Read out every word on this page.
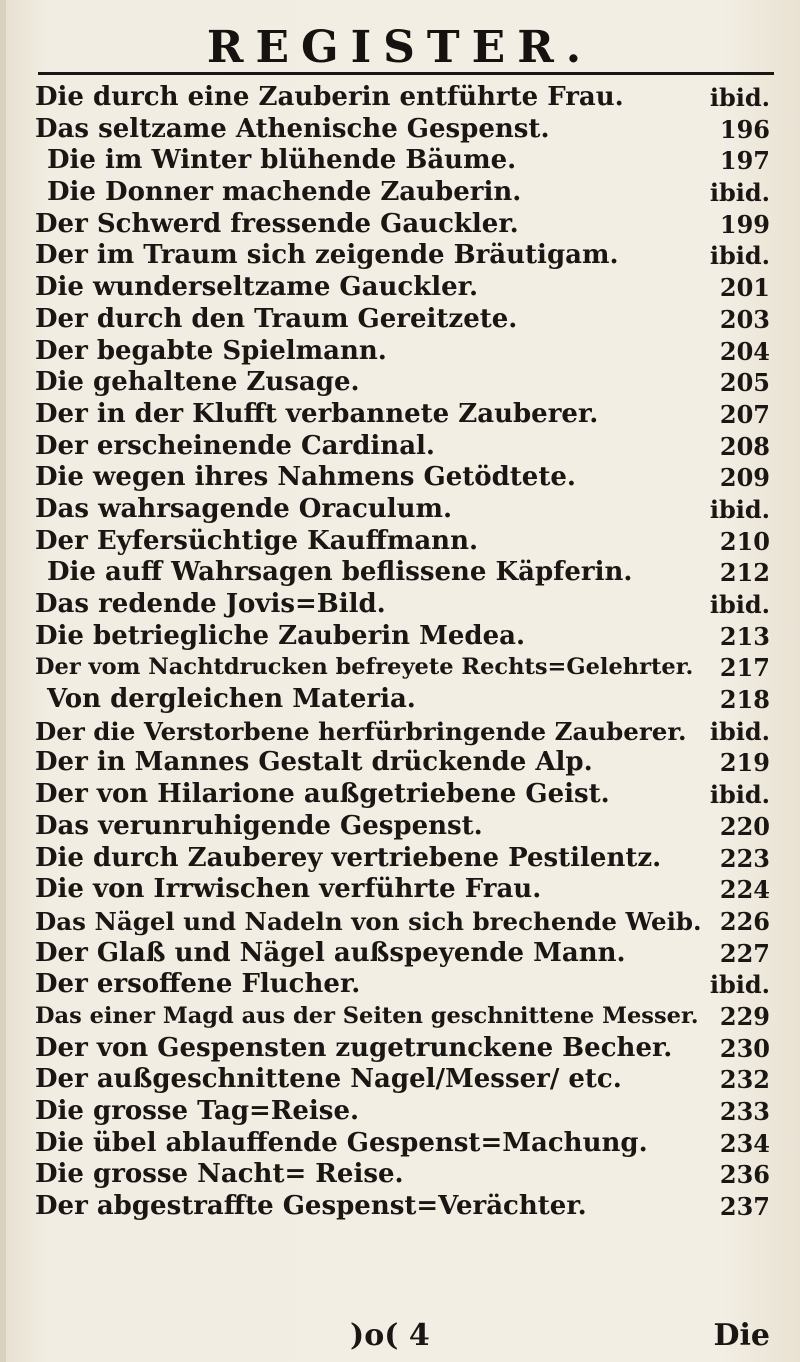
REGISTER.
Die durch eine Zauberin entführte Frau.	ibid.
Das seltzame Athenische Gespenst.	196
Die im Winter blühende Bäume.	197
Die Donner machende Zauberin.	ibid.
Der Schwerd fressende Gauckler.	199
Der im Traum sich zeigende Bräutigam.	ibid.
Die wunderseltzame Gauckler.	201
Der durch den Traum Gereitzete.	203
Der begabte Spielmann.	204
Die gehaltene Zusage.	205
Der in der Klufft verbannete Zauberer.	207
Der erscheinende Cardinal.	208
Die wegen ihres Nahmens Getödtete.	209
Das wahrsagende Oraculum.	ibid.
Der Eyfersüchtige Kauffmann.	210
Die auff Wahrsagen beflissene Käpferin.	212
Das redende Jovis=Bild.	ibid.
Die betriegliche Zauberin Medea.	213
Der vom Nachtdrucken befreyete Rechts=Gelehrter. 217
Von dergleichen Materia.	218
Der die Verstorbene herfürbringende Zauberer. ibid.
Der in Mannes Gestalt drückende Alp.	219
Der von Hilarione außgetriebene Geist.	ibid.
Das verunruhigende Gespenst.	220
Die durch Zauberey vertriebene Pestilentz. 223
Die von Irrwischen verführte Frau.	224
Das Nägel und Nadeln von sich brechende Weib. 226
Der Glaß und Nägel außspeyende Mann.	227
Der ersoffene Flucher.	ibid.
Das einer Magd aus der Seiten geschnittene Messer. 229
Der von Gespensten zugetrunckene Becher. 230
Der außgeschnittene Nagel/Messer/ etc.	232
Die grosse Tag=Reise.	233
Die übel ablauffende Gespenst=Machung.	234
Die grosse Nacht= Reise.	236
Der abgestraffte Gespenst=Verächter.	237
)o( 4	Die
